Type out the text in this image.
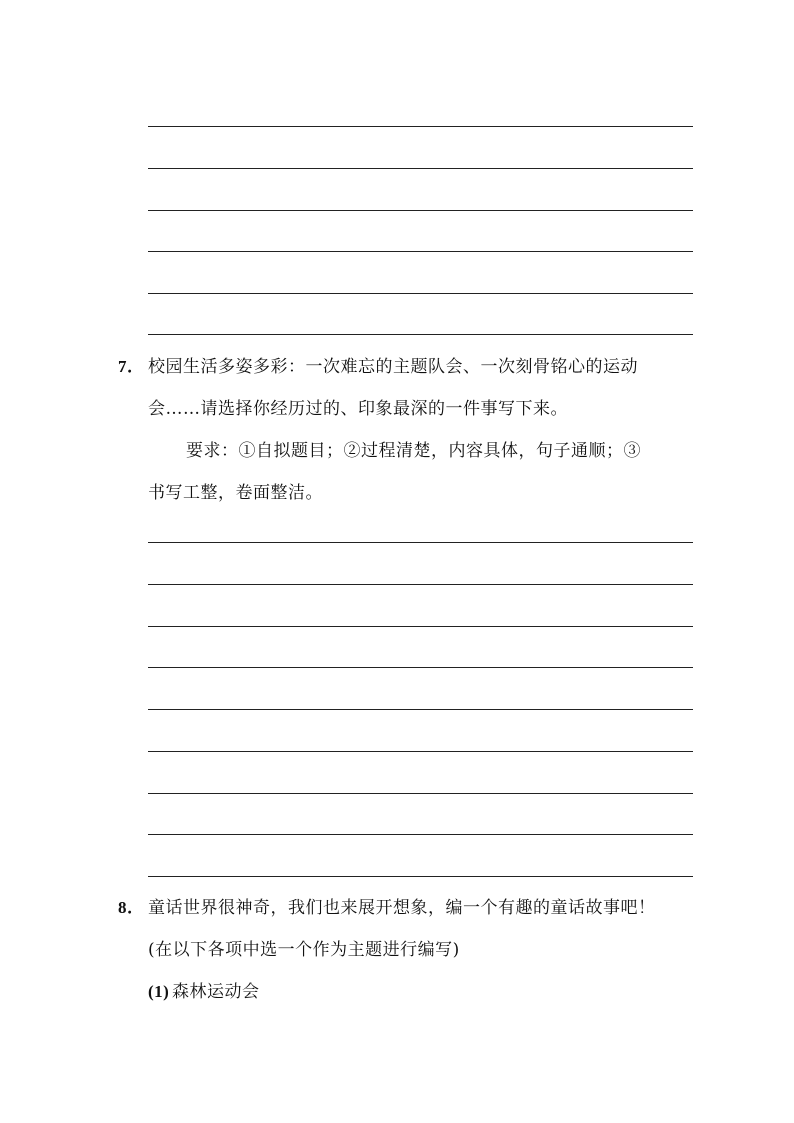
7． 校园生活多姿多彩：一次难忘的主题队会、一次刻骨铭心的运动
会……请选择你经历过的、印象最深的一件事写下来。
要求：①自拟题目；②过程清楚，内容具体，句子通顺；③
书写工整，卷面整洁。
8． 童话世界很神奇，我们也来展开想象，编一个有趣的童话故事吧！
(在以下各项中选一个作为主题进行编写)
(1) 森林运动会
